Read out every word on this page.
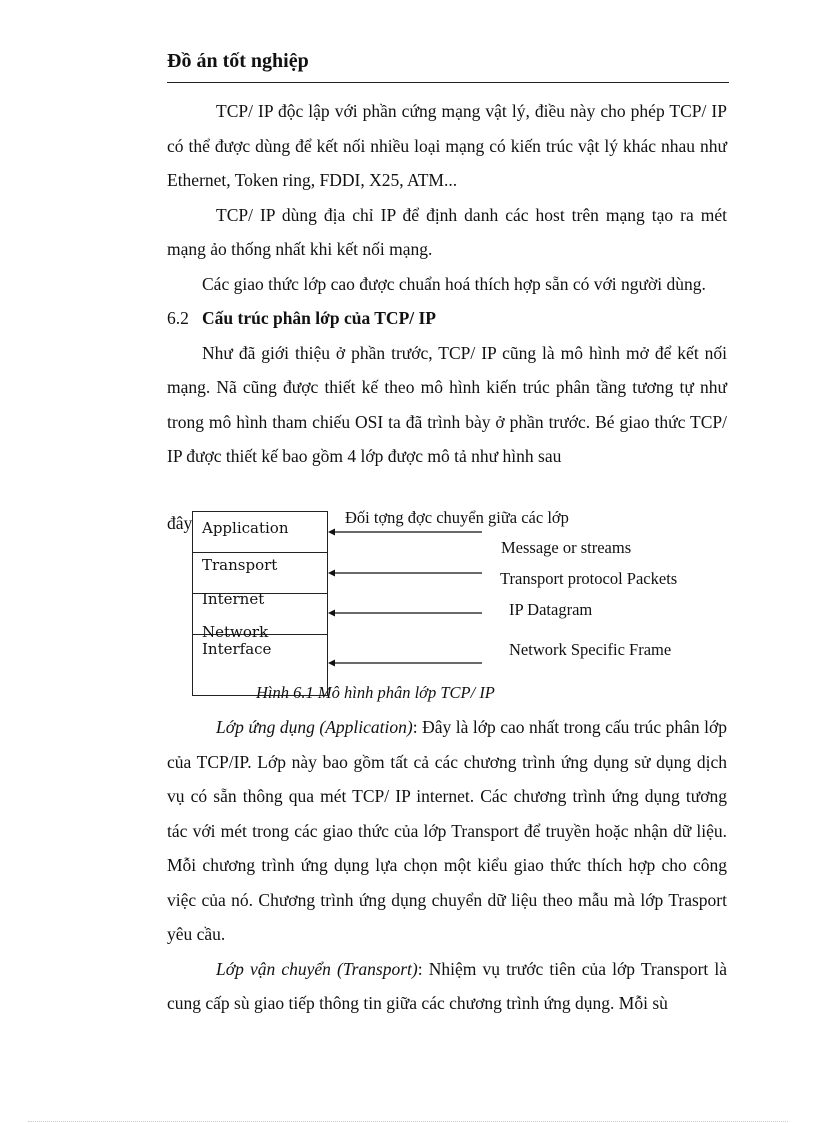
Đồ án tốt nghiệp

TCP/ IP độc lập với phần cứng mạng vật lý, điều này cho phép TCP/ IP có thể được dùng để kết nối nhiều loại mạng có kiến trúc vật lý khác nhau như Ethernet, Token ring, FDDI, X25, ATM...

TCP/ IP dùng địa chỉ IP để định danh các host trên mạng tạo ra mét mạng ảo thống nhất khi kết nối mạng.

Các giao thức lớp cao được chuẩn hoá thích hợp sẵn có với người dùng.

6.2 Cấu trúc phân lớp của TCP/ IP

Như đã giới thiệu ở phần trước, TCP/ IP cũng là mô hình mở để kết nối mạng. Nã cũng được thiết kế theo mô hình kiến trúc phân tầng tương tự như trong mô hình tham chiếu OSI ta đã trình bày ở phần trước. Bé giao thức TCP/ IP được thiết kế bao gồm 4 lớp được mô tả như hình sau

đây Application
Transport
Internet
Network
Interface
Đối tợng đợc chuyển giữa các lớp
Message or streams
Transport protocol Packets
IP Datagram
Network Specific Frame
Hình 6.1 Mô hình phân lớp TCP/ IP

Lớp ứng dụng (Application): Đây là lớp cao nhất trong cấu trúc phân lớp của TCP/IP. Lớp này bao gồm tất cả các chương trình ứng dụng sử dụng dịch vụ có sẵn thông qua mét TCP/ IP internet. Các chương trình ứng dụng tương tác với mét trong các giao thức của lớp Transport để truyền hoặc nhận dữ liệu. Mỗi chương trình ứng dụng lựa chọn một kiểu giao thức thích hợp cho công việc của nó. Chương trình ứng dụng chuyển dữ liệu theo mẫu mà lớp Trasport yêu cầu.

Lớp vận chuyển (Transport): Nhiệm vụ trước tiên của lớp Transport là cung cấp sù giao tiếp thông tin giữa các chương trình ứng dụng. Mỗi sù
